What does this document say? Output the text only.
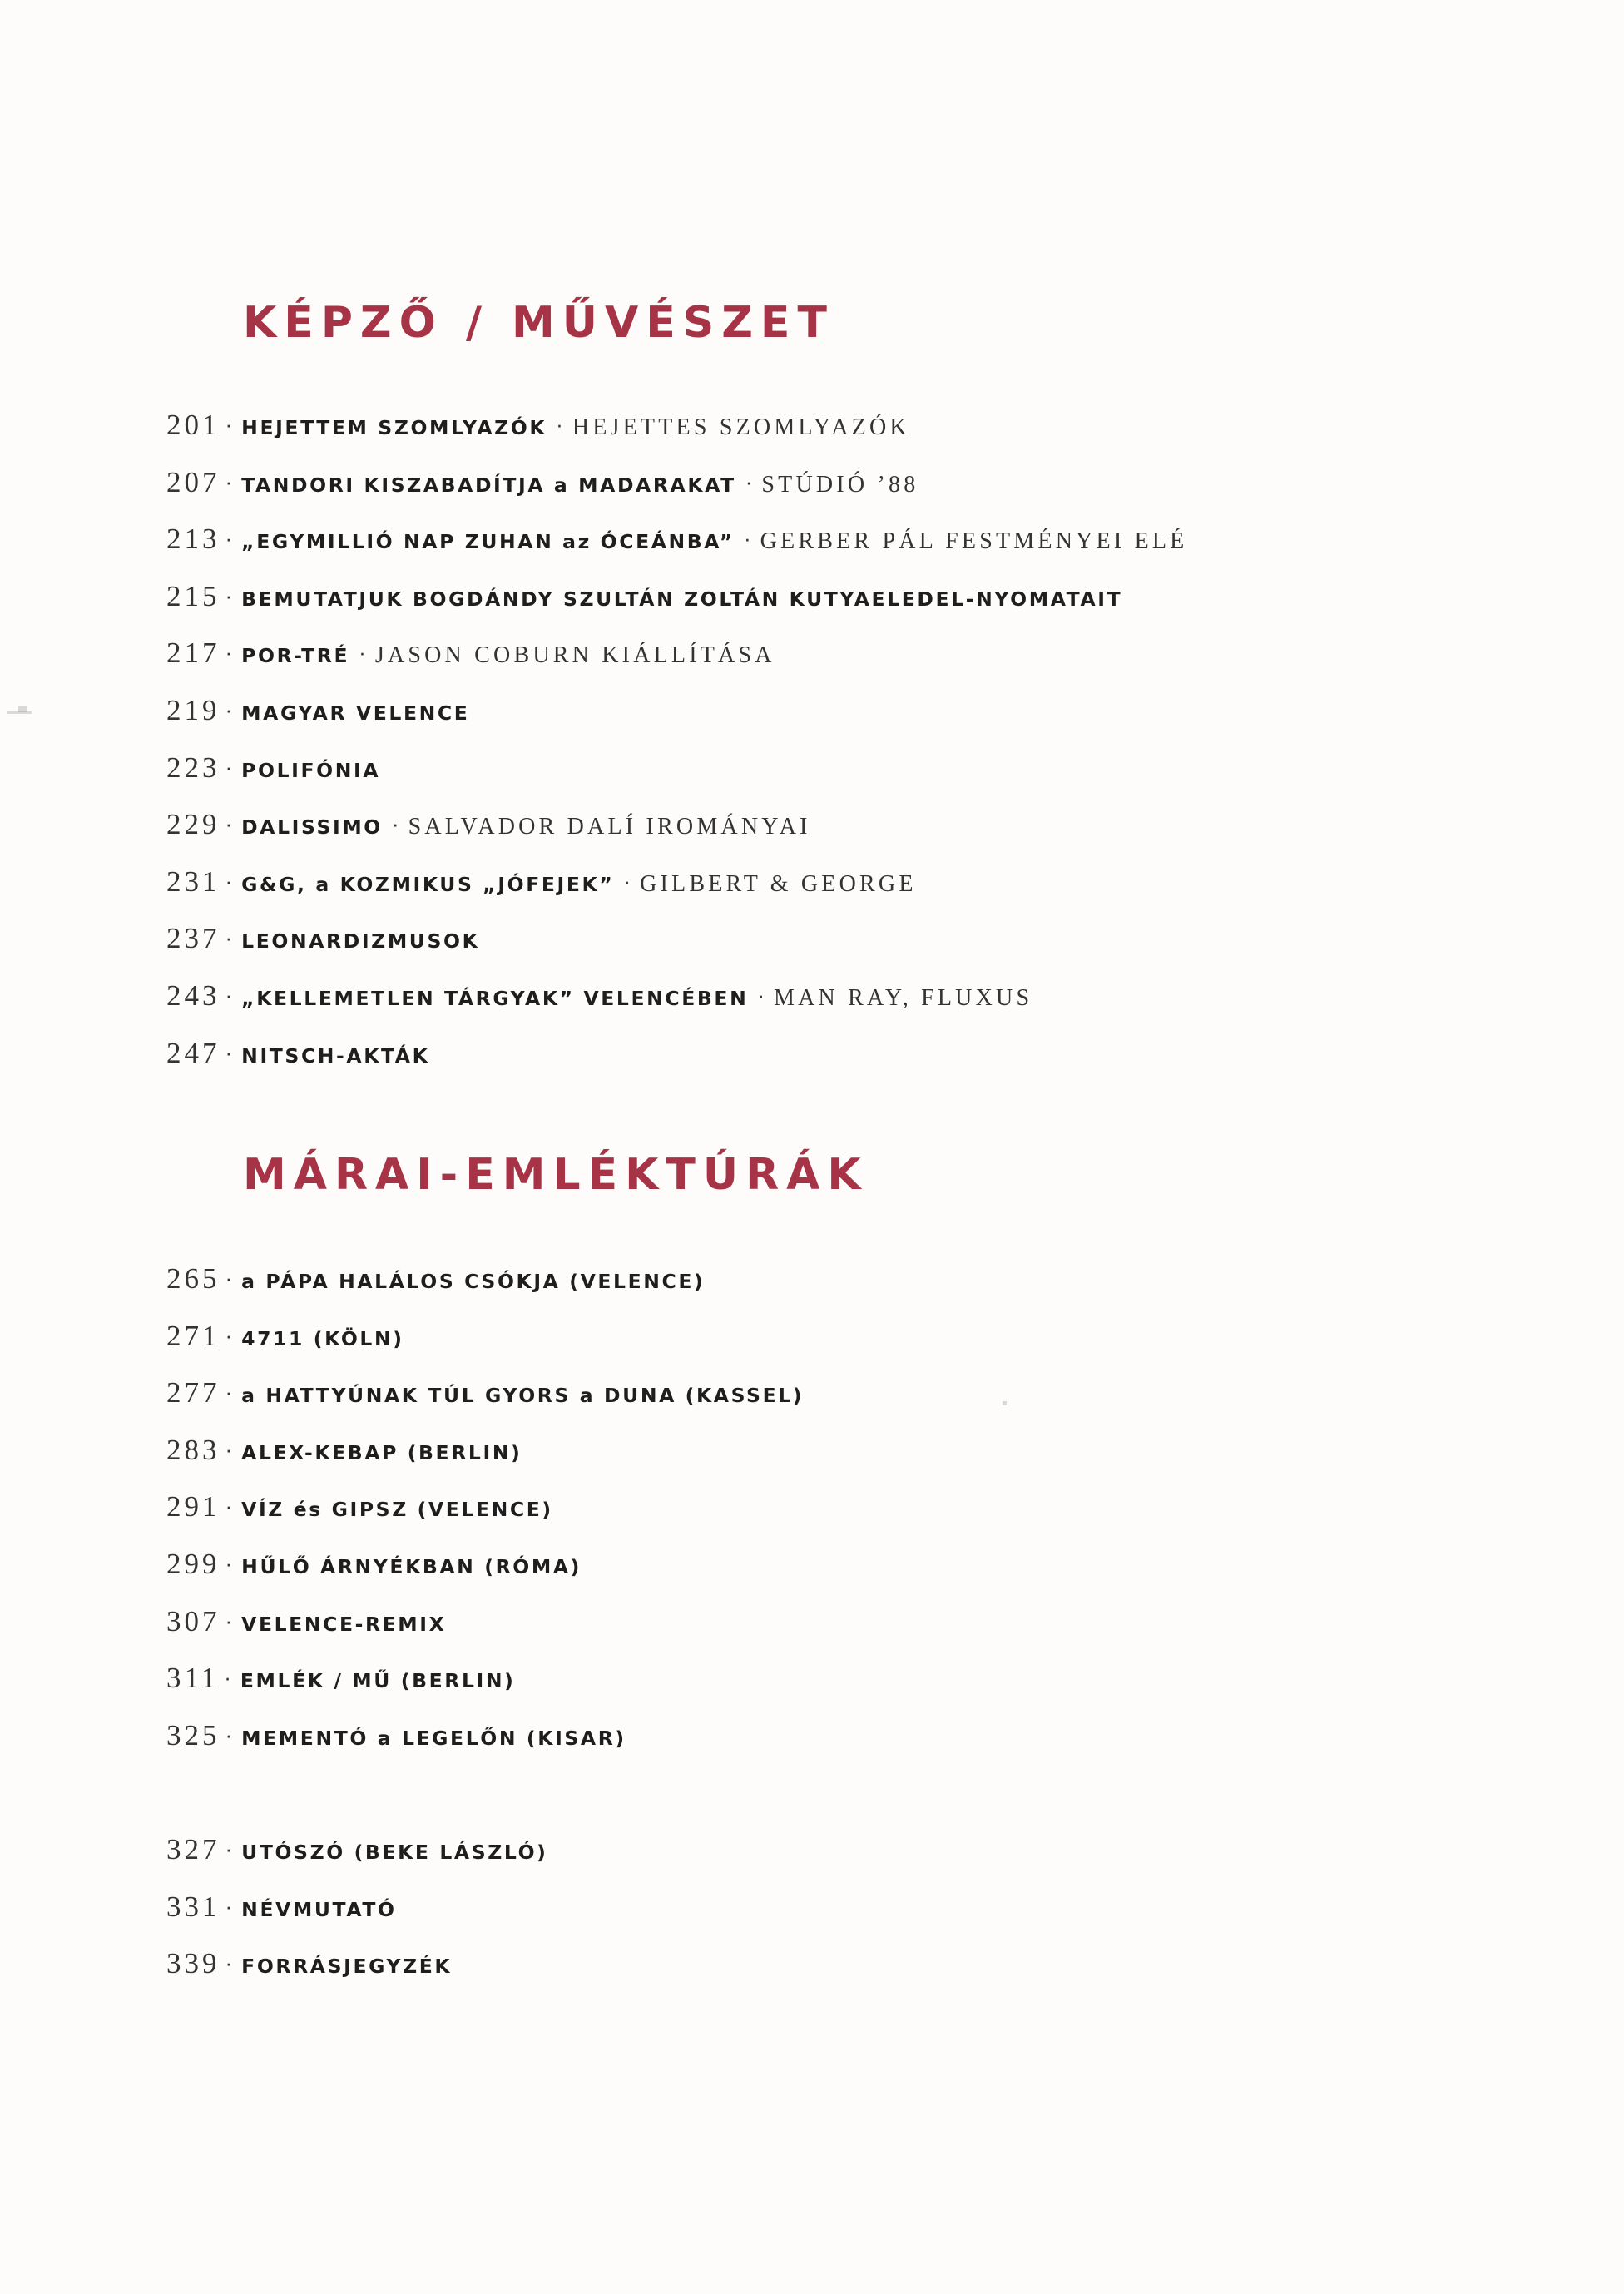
KÉPZŐ / MŰVÉSZET
201 · HEJETTEM SZOMLYAZÓK · HEJETTES SZOMLYAZÓK
207 · TANDORI KISZABADÍTJA a MADARAKAT · STÚDIÓ ’88
213 · „EGYMILLIÓ NAP ZUHAN az ÓCEÁNBA” · GERBER PÁL FESTMÉNYEI ELÉ
215 · BEMUTATJUK BOGDÁNDY SZULTÁN ZOLTÁN KUTYAELEDEL-NYOMATAIT
217 · POR-TRÉ · JASON COBURN KIÁLLÍTÁSA
219 · MAGYAR VELENCE
223 · POLIFÓNIA
229 · DALISSIMO · SALVADOR DALÍ IROMÁNYAI
231 · G&G, a KOZMIKUS „JÓFEJEK” · GILBERT & GEORGE
237 · LEONARDIZMUSOK
243 · „KELLEMETLEN TÁRGYAK” VELENCÉBEN · MAN RAY, FLUXUS
247 · NITSCH-AKTÁK
MÁRAI-EMLÉKTÚRÁK
265 · a PÁPA HALÁLOS CSÓKJA (VELENCE)
271 · 4711 (KÖLN)
277 · a HATTYÚNAK TÚL GYORS a DUNA (KASSEL)
283 · ALEX-KEBAP (BERLIN)
291 · VÍZ és GIPSZ (VELENCE)
299 · HŰLŐ ÁRNYÉKBAN (RÓMA)
307 · VELENCE-REMIX
311 · EMLÉK / MŰ (BERLIN)
325 · MEMENTÓ a LEGELŐN (KISAR)
327 · UTÓSZÓ (BEKE LÁSZLÓ)
331 · NÉVMUTATÓ
339 · FORRÁSJEGYZÉK
